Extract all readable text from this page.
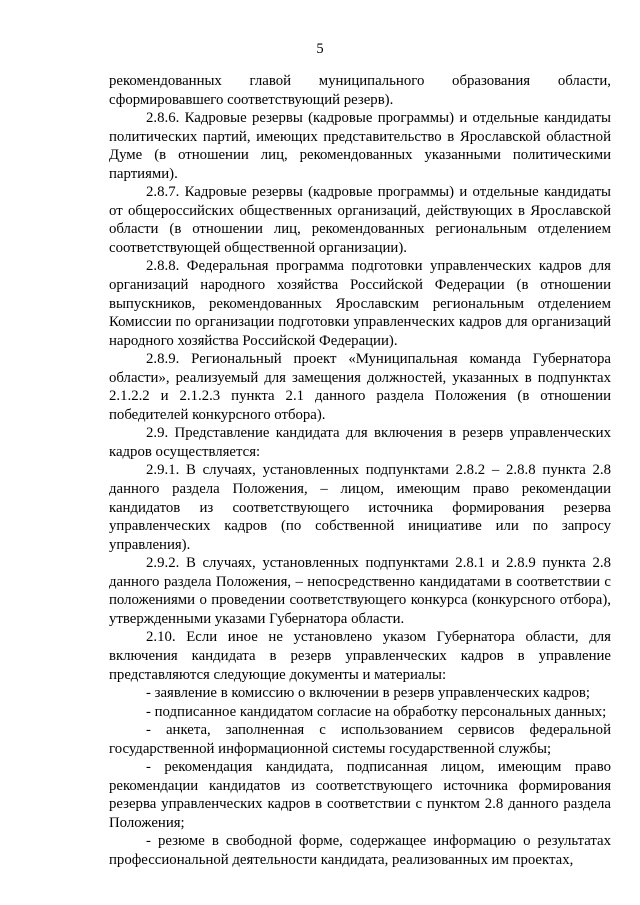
5

рекомендованных главой муниципального образования области, сформировавшего соответствующий резерв).

2.8.6. Кадровые резервы (кадровые программы) и отдельные кандидаты политических партий, имеющих представительство в Ярославской областной Думе (в отношении лиц, рекомендованных указанными политическими партиями).

2.8.7. Кадровые резервы (кадровые программы) и отдельные кандидаты от общероссийских общественных организаций, действующих в Ярославской области (в отношении лиц, рекомендованных региональным отделением соответствующей общественной организации).

2.8.8. Федеральная программа подготовки управленческих кадров для организаций народного хозяйства Российской Федерации (в отношении выпускников, рекомендованных Ярославским региональным отделением Комиссии по организации подготовки управленческих кадров для организаций народного хозяйства Российской Федерации).

2.8.9. Региональный проект «Муниципальная команда Губернатора области», реализуемый для замещения должностей, указанных в подпунктах 2.1.2.2 и 2.1.2.3 пункта 2.1 данного раздела Положения (в отношении победителей конкурсного отбора).

2.9. Представление кандидата для включения в резерв управленческих кадров осуществляется:

2.9.1. В случаях, установленных подпунктами 2.8.2 – 2.8.8 пункта 2.8 данного раздела Положения, – лицом, имеющим право рекомендации кандидатов из соответствующего источника формирования резерва управленческих кадров (по собственной инициативе или по запросу управления).

2.9.2. В случаях, установленных подпунктами 2.8.1 и 2.8.9 пункта 2.8 данного раздела Положения, – непосредственно кандидатами в соответствии с положениями о проведении соответствующего конкурса (конкурсного отбора), утвержденными указами Губернатора области.

2.10. Если иное не установлено указом Губернатора области, для включения кандидата в резерв управленческих кадров в управление представляются следующие документы и материалы:

- заявление в комиссию о включении в резерв управленческих кадров;

- подписанное кандидатом согласие на обработку персональных данных;

- анкета, заполненная с использованием сервисов федеральной государственной информационной системы государственной службы;

- рекомендация кандидата, подписанная лицом, имеющим право рекомендации кандидатов из соответствующего источника формирования резерва управленческих кадров в соответствии с пунктом 2.8 данного раздела Положения;

- резюме в свободной форме, содержащее информацию о результатах профессиональной деятельности кандидата, реализованных им проектах,
